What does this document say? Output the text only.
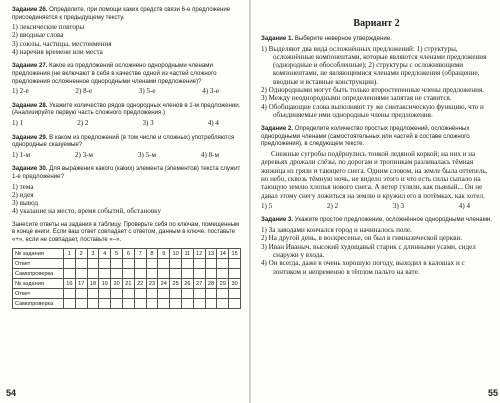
Задание 26. Определите, при помощи каких средств связи 6-е предложение присоединяется к предыдущему тексту.
1) лексические повторы
2) вводные слова
3) союзы, частицы, местоимения
4) наречия времени или места
Задание 27. Какое из предложений осложнено однородными членами предложения (не включают в себя в качестве одной из частей сложного предложения осложненное однородными членами предложение)?
1) 2-е	2) 8-е	3) 5-е	4) 3-е
Задание 28. Укажите количество рядов однородных членов в 1-м предложении. (Анализируйте первую часть сложного предложения.)
1) 1	2) 2	3) 3	4) 4
Задание 29. В каком из предложений (в том числе и сложных) употребляются однородные сказуемые?
1) 1-м	2) 3-м	3) 5-м	4) 8-м
Задание 30. Для выражения какого (каких) элемента (элементов) текста служит 1-е предложение?
1) тема
2) идея
3) вывод
4) указание на место, время событий, обстановку
Занесите ответы на задания в таблицу. Проверьте себя по ключам, помещенным в конце книги. Если ваш ответ совпадает с ответом, данным в ключе, поставьте «+», если не совпадает, поставьте «–».
№ задания	1	2	3	4	5	6	7	8	9	10	11	12	13	14	15
Ответ															
Самопроверка															
№ задания	16	17	18	19	20	21	22	23	24	25	26	27	28	29	30
Ответ															
Самопроверка															
54
Вариант 2
Задание 1. Выберите неверное утверждение.
1) Выделяют два вида осложнённых предложений: 1) структуры, осложнённые компонентами, которые являются членами предложения (однородные и обособленные); 2) структуры с осложняющими компонентами, не являющимися членами предложения (обращение, вводные и вставные конструкции).
2) Однородными могут быть только второстепенные члены предложения.
3) Между неоднородными определениями запятая не ставится.
4) Обобщающие слова выполняют ту же синтаксическую функцию, что и объединяемые ими однородные члены предложения.
Задание 2. Определите количество простых предложений, осложнённых однородными членами (самостоятельных или частей в составе сложного предложения), в следующем тексте.
Снежные сугробы подёрнулись тонкой ледяной коркой; на них и на деревьях дрожали слёзы, по дорогам и тропинкам разливалась тёмная жижица из грязи и тающего снега. Одним словом, на земле была оттепель, но небо, сквозь тёмную ночь, не видело этого и что есть силы сыпало на тающую землю хлопья нового снега. А ветер гуляли, как пьяный... Он не давал этому снегу ложиться на землю и кружил его в потёмках, как хотел.
1) 5	2) 2	3) 3	4) 4
Задание 3. Укажите простое предложение, осложнённое однородными членами.
1) За заводами кончался город и начиналось поле.
2) На другой день, в воскресенье, он был в гимназической церкви.
3) Иван Иваныч, высокий худощавый старик с длинными усами, сидел снаружи у входа.
4) Он всегда, даже в очень хорошую погоду, выходил в калошах и с зонтиком и непременно в тёплом пальто на вате.
55
